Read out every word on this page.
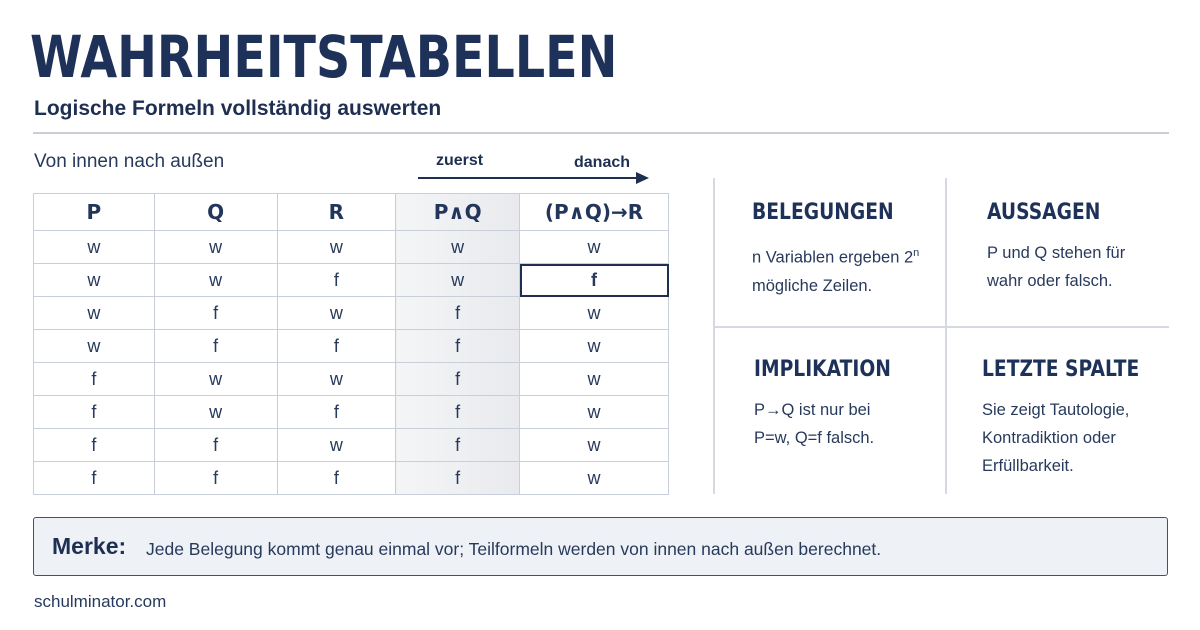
WAHRHEITSTABELLEN
Logische Formeln vollständig auswerten
Von innen nach außen	zuerst	danach
P	Q	R	P∧Q	(P∧Q)→R
w	w	w	w	w
w	w	f	w	f
w	f	w	f	w
w	f	f	f	w
f	w	w	f	w
f	w	f	f	w
f	f	w	f	w
f	f	f	f	w
BELEGUNGEN

n Variablen ergeben 2$^n$
mögliche Zeilen.

AUSSAGEN

P und Q stehen für
wahr oder falsch.

IMPLIKATION

P→Q ist nur bei
P=w, Q=f falsch.

LETZTE SPALTE

Sie zeigt Tautologie,
Kontradiktion oder
Erfüllbarkeit.

Merke: Jede Belegung kommt genau einmal vor; Teilformeln werden von innen nach außen berechnet.
schulminator.com
